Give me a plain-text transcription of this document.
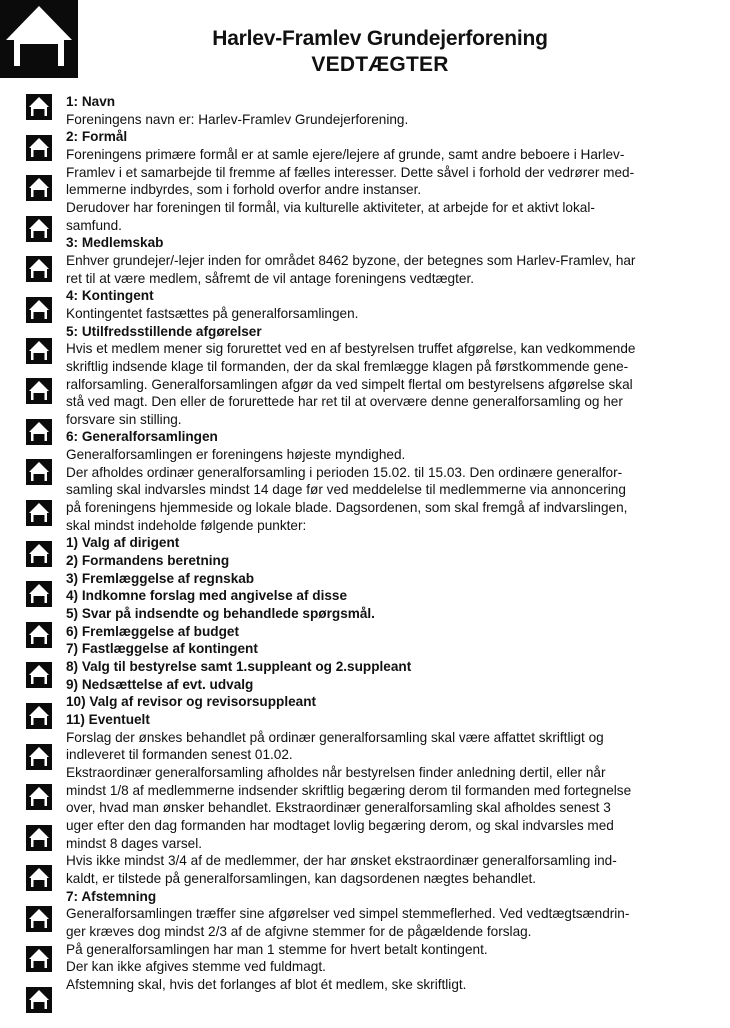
Harlev-Framlev Grundejerforening
VEDTÆGTER

1: Navn

Foreningens navn er: Harlev-Framlev Grundejerforening.

2: Formål

Foreningens primære formål er at samle ejere/lejere af grunde, samt andre beboere i Harlev-

Framlev i et samarbejde til fremme af fælles interesser. Dette såvel i forhold der vedrører med-

lemmerne indbyrdes, som i forhold overfor andre instanser.

Derudover har foreningen til formål, via kulturelle aktiviteter, at arbejde for et aktivt lokal-

samfund.

3: Medlemskab

Enhver grundejer/-lejer inden for området 8462 byzone, der betegnes som Harlev-Framlev, har

ret til at være medlem, såfremt de vil antage foreningens vedtægter.

4: Kontingent

Kontingentet fastsættes på generalforsamlingen.

5: Utilfredsstillende afgørelser

Hvis et medlem mener sig forurettet ved en af bestyrelsen truffet afgørelse, kan vedkommende

skriftlig indsende klage til formanden, der da skal fremlægge klagen på førstkommende gene-

ralforsamling. Generalforsamlingen afgør da ved simpelt flertal om bestyrelsens afgørelse skal

stå ved magt. Den eller de forurettede har ret til at overvære denne generalforsamling og her

forsvare sin stilling.

6: Generalforsamlingen

Generalforsamlingen er foreningens højeste myndighed.

Der afholdes ordinær generalforsamling i perioden 15.02. til 15.03. Den ordinære generalfor-

samling skal indvarsles mindst 14 dage før ved meddelelse til medlemmerne via annoncering

på foreningens hjemmeside og lokale blade. Dagsordenen, som skal fremgå af indvarslingen,

skal mindst indeholde følgende punkter:

1) Valg af dirigent

2) Formandens beretning

3) Fremlæggelse af regnskab

4) Indkomne forslag med angivelse af disse

5) Svar på indsendte og behandlede spørgsmål.

6) Fremlæggelse af budget

7) Fastlæggelse af kontingent

8) Valg til bestyrelse samt 1.suppleant og 2.suppleant

9) Nedsættelse af evt. udvalg

10) Valg af revisor og revisorsuppleant

11) Eventuelt

Forslag der ønskes behandlet på ordinær generalforsamling skal være affattet skriftligt og

indleveret til formanden senest 01.02.

Ekstraordinær generalforsamling afholdes når bestyrelsen finder anledning dertil, eller når

mindst 1/8 af medlemmerne indsender skriftlig begæring derom til formanden med fortegnelse

over, hvad man ønsker behandlet. Ekstraordinær generalforsamling skal afholdes senest 3

uger efter den dag formanden har modtaget lovlig begæring derom, og skal indvarsles med

mindst 8 dages varsel.

Hvis ikke mindst 3/4 af de medlemmer, der har ønsket ekstraordinær generalforsamling ind-

kaldt, er tilstede på generalforsamlingen, kan dagsordenen nægtes behandlet.

7: Afstemning

Generalforsamlingen træffer sine afgørelser ved simpel stemmeflerhed. Ved vedtægtsændrin-

ger kræves dog mindst 2/3 af de afgivne stemmer for de pågældende forslag.

På generalforsamlingen har man 1 stemme for hvert betalt kontingent.

Der kan ikke afgives stemme ved fuldmagt.

Afstemning skal, hvis det forlanges af blot ét medlem, ske skriftligt.
